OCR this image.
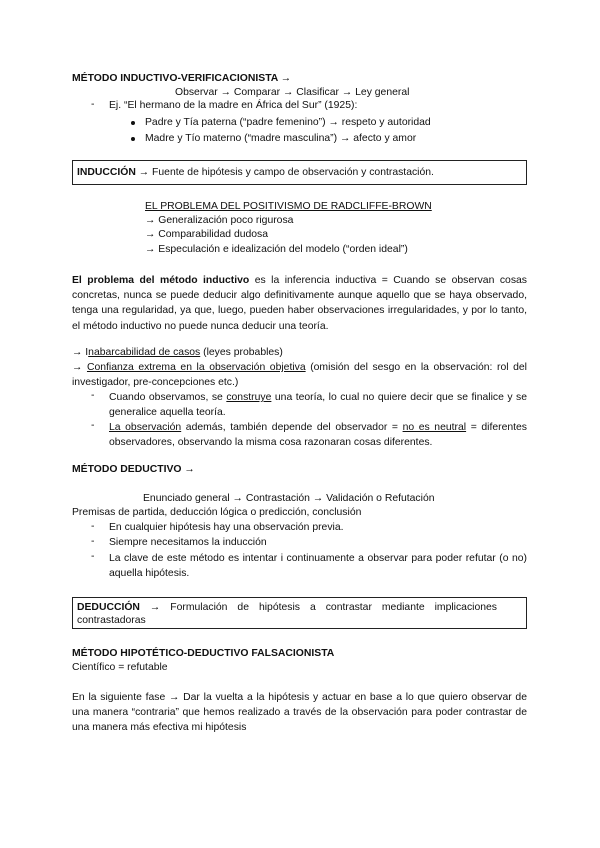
MÉTODO INDUCTIVO-VERIFICACIONISTA →
Observar → Comparar → Clasificar → Ley general
- Ej. “El hermano de la madre en África del Sur” (1925):
Padre y Tía paterna (“padre femenino”) → respeto y autoridad
Madre y Tío materno (“madre masculina”) → afecto y amor
INDUCCIÓN → Fuente de hipótesis y campo de observación y contrastación.
EL PROBLEMA DEL POSITIVISMO DE RADCLIFFE-BROWN
→ Generalización poco rigurosa
→ Comparabilidad dudosa
→ Especulación e idealización del modelo (“orden ideal”)
El problema del método inductivo es la inferencia inductiva = Cuando se observan cosas concretas, nunca se puede deducir algo definitivamente aunque aquello que se haya observado, tenga una regularidad, ya que, luego, pueden haber observaciones irregularidades, y por lo tanto, el método inductivo no puede nunca deducir una teoría.
→ Inabarcabilidad de casos (leyes probables)
→ Confianza extrema en la observación objetiva (omisión del sesgo en la observación: rol del investigador, pre-concepciones etc.)
- Cuando observamos, se construye una teoría, lo cual no quiere decir que se finalice y se generalice aquella teoría.
- La observación además, también depende del observador = no es neutral = diferentes observadores, observando la misma cosa razonaran cosas diferentes.
MÉTODO DEDUCTIVO →
Enunciado general → Contrastación → Validación o Refutación
Premisas de partida, deducción lógica o predicción, conclusión
- En cualquier hipótesis hay una observación previa.
- Siempre necesitamos la inducción
- La clave de este método es intentar i continuamente a observar para poder refutar (o no) aquella hipótesis.
DEDUCCIÓN → Formulación de hipótesis a contrastar mediante implicaciones contrastadoras
MÉTODO HIPOTÉTICO-DEDUCTIVO FALSACIONISTA
Científico = refutable
En la siguiente fase → Dar la vuelta a la hipótesis y actuar en base a lo que quiero observar de una manera “contraria” que hemos realizado a través de la observación para poder contrastar de una manera más efectiva mi hipótesis
